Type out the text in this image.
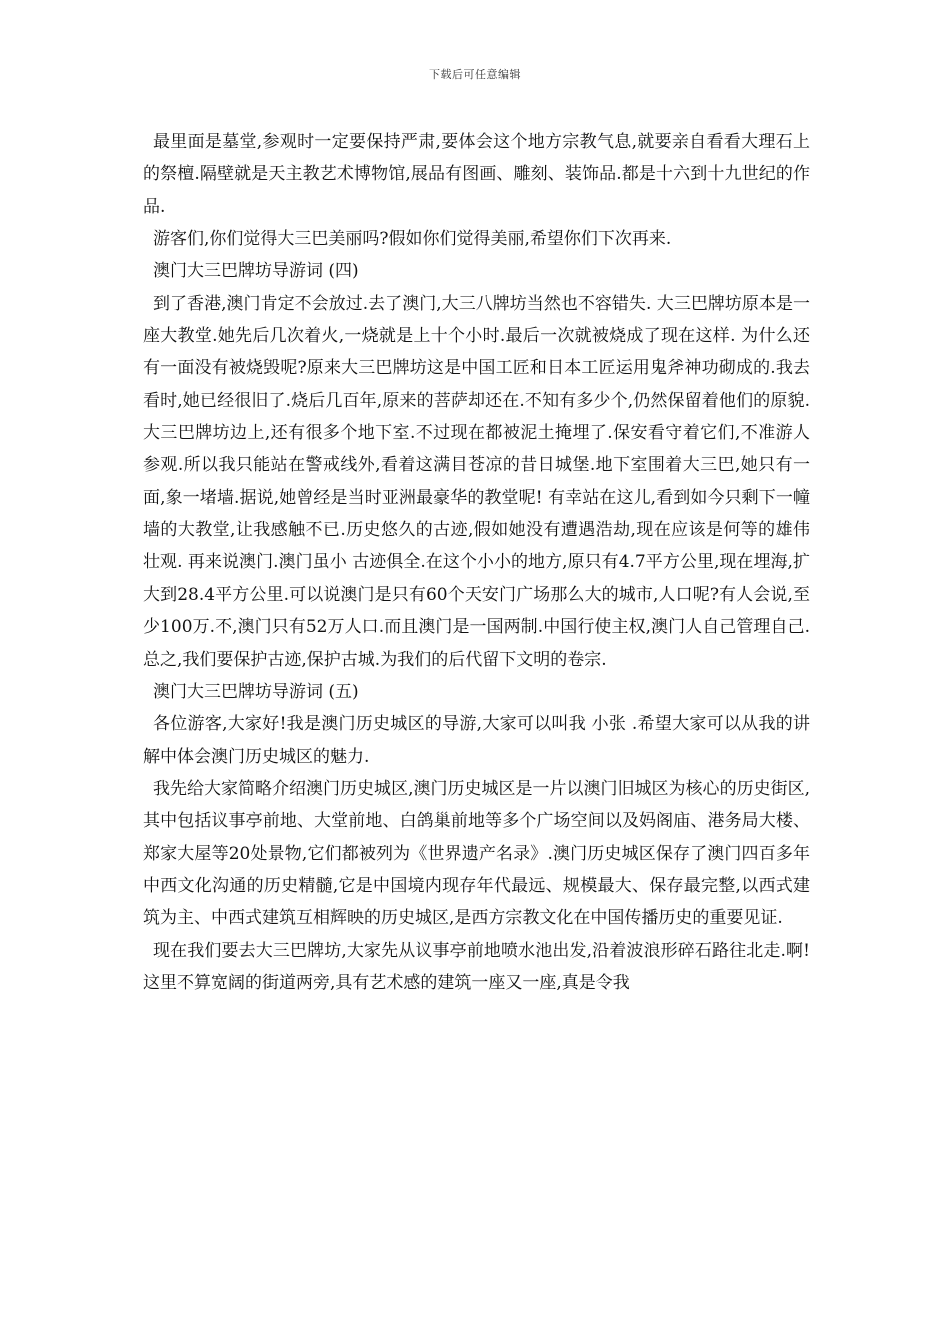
下载后可任意编辑

最里面是墓堂,参观时一定要保持严肃,要体会这个地方宗教气息,就要亲自看看大理石上的祭檀.隔壁就是天主教艺术博物馆,展品有图画、雕刻、装饰品.都是十六到十九世纪的作品.

游客们,你们觉得大三巴美丽吗?假如你们觉得美丽,希望你们下次再来.

澳门大三巴牌坊导游词 (四)

到了香港,澳门肯定不会放过.去了澳门,大三八牌坊当然也不容错失. 大三巴牌坊原本是一座大教堂.她先后几次着火,一烧就是上十个小时.最后一次就被烧成了现在这样. 为什么还有一面没有被烧毁呢?原来大三巴牌坊这是中国工匠和日本工匠运用鬼斧神功砌成的.我去看时,她已经很旧了.烧后几百年,原来的菩萨却还在.不知有多少个,仍然保留着他们的原貌. 大三巴牌坊边上,还有很多个地下室.不过现在都被泥土掩埋了.保安看守着它们,不准游人参观.所以我只能站在警戒线外,看着这满目苍凉的昔日城堡.地下室围着大三巴,她只有一面,象一堵墙.据说,她曾经是当时亚洲最豪华的教堂呢! 有幸站在这儿,看到如今只剩下一幢墙的大教堂,让我感触不已.历史悠久的古迹,假如她没有遭遇浩劫,现在应该是何等的雄伟壮观. 再来说澳门.澳门虽小 古迹俱全.在这个小小的地方,原只有4.7平方公里,现在埋海,扩大到28.4平方公里.可以说澳门是只有60个天安门广场那么大的城市,人口呢?有人会说,至少100万.不,澳门只有52万人口.而且澳门是一国两制.中国行使主权,澳门人自己管理自己. 总之,我们要保护古迹,保护古城.为我们的后代留下文明的卷宗.

澳门大三巴牌坊导游词 (五)

各位游客,大家好!我是澳门历史城区的导游,大家可以叫我 小张 .希望大家可以从我的讲解中体会澳门历史城区的魅力.

我先给大家简略介绍澳门历史城区,澳门历史城区是一片以澳门旧城区为核心的历史街区,其中包括议事亭前地、大堂前地、白鸽巢前地等多个广场空间以及妈阁庙、港务局大楼、郑家大屋等20处景物,它们都被列为《世界遗产名录》.澳门历史城区保存了澳门四百多年中西文化沟通的历史精髓,它是中国境内现存年代最远、规模最大、保存最完整,以西式建筑为主、中西式建筑互相辉映的历史城区,是西方宗教文化在中国传播历史的重要见证.

现在我们要去大三巴牌坊,大家先从议事亭前地喷水池出发,沿着波浪形碎石路往北走.啊!这里不算宽阔的街道两旁,具有艺术感的建筑一座又一座,真是令我
